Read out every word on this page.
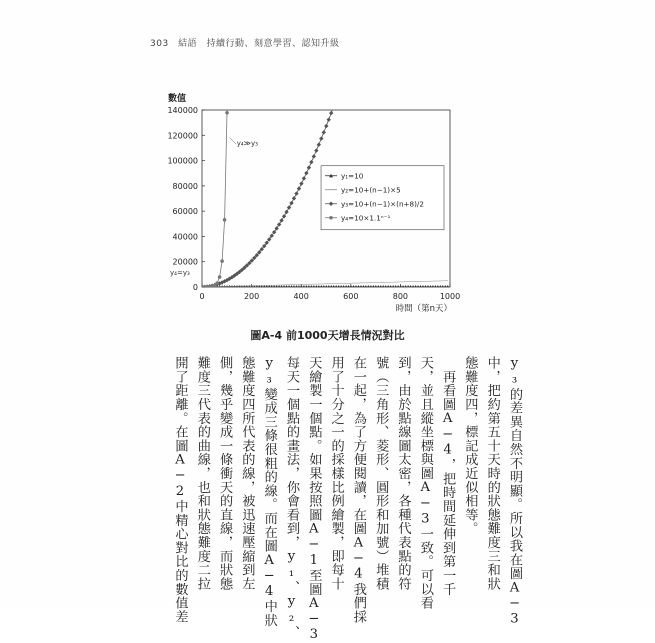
303 結語 持續行動、刻意學習、認知升級
0
20000
40000
60000
80000
100000
120000
140000
0	200	400	600	800	1000
數值
時間（第n天）
y₄≫y₃
y₄=y₃
y₁=10
y₂=10+(n−1)×5
y₃=10+(n−1)×(n+8)/2
y₄=10×1.1ⁿ⁻¹
圖A-4 前1000天增長情況對比
y₃的差異自然不明顯。所以我在圖A−3
中，把約第五十天時的狀態難度三和狀
態難度四，標記成近似相等。
　再看圖A−4，把時間延伸到第一千
天，並且縱坐標與圖A−3一致。可以看
到，由於點線圖太密，各種代表點的符
號（三角形、菱形、圓形和加號）堆積
在一起，為了方便閱讀，在圖A−4我們採
用了十分之一的採樣比例繪製，即每十
天繪製一個點。如果按照圖A−1至圖A−3
每天一個點的畫法，你會看到，y₁、y₂、
y₃變成三條很粗的線。而在圖A−4中狀
態難度四所代表的線，被迅速壓縮到左
側，幾乎變成一條衝天的直線，而狀態
難度三代表的曲線，也和狀態難度二拉
開了距離。在圖A−2中精心對比的數值差
